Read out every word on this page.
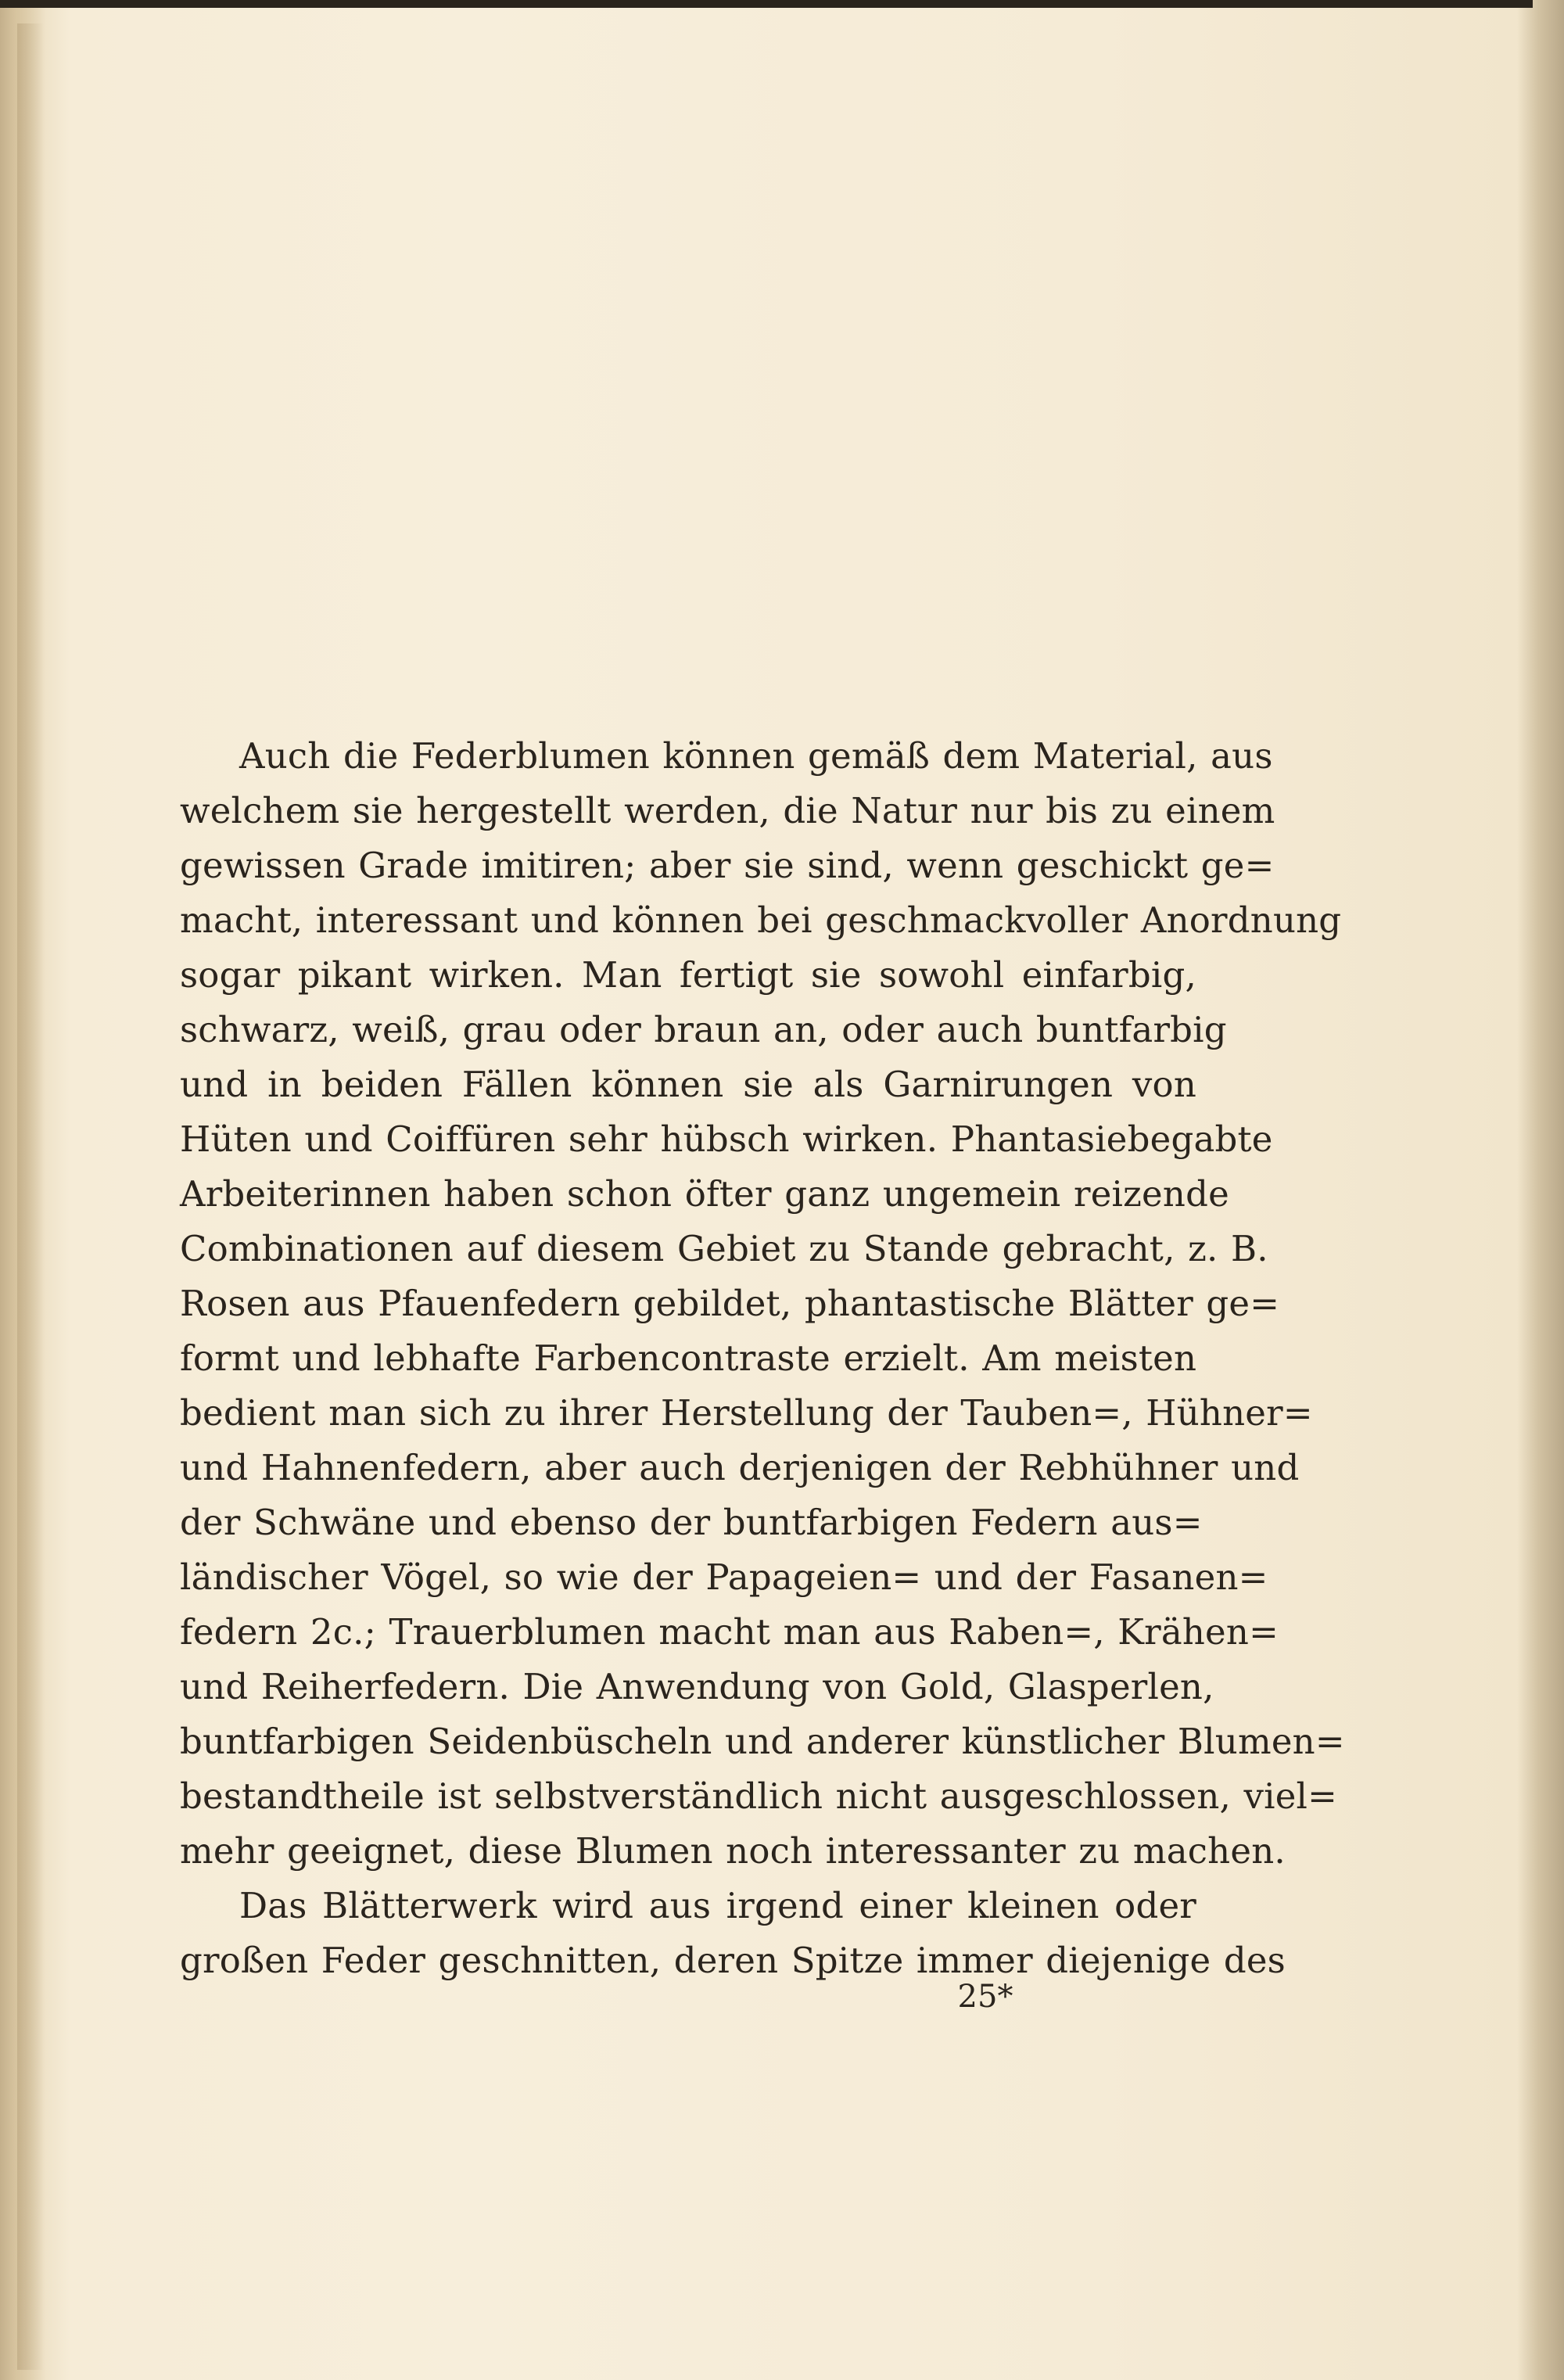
Auch die Federblumen können gemäß dem Material, aus
welchem sie hergestellt werden, die Natur nur bis zu einem
gewissen Grade imitiren; aber sie sind, wenn geschickt ge=
macht, interessant und können bei geschmackvoller Anordnung
sogar pikant wirken. Man fertigt sie sowohl einfarbig,
schwarz, weiß, grau oder braun an, oder auch buntfarbig
und in beiden Fällen können sie als Garnirungen von
Hüten und Coiffüren sehr hübsch wirken. Phantasiebegabte
Arbeiterinnen haben schon öfter ganz ungemein reizende
Combinationen auf diesem Gebiet zu Stande gebracht, z. B.
Rosen aus Pfauenfedern gebildet, phantastische Blätter ge=
formt und lebhafte Farbencontraste erzielt. Am meisten
bedient man sich zu ihrer Herstellung der Tauben=, Hühner=
und Hahnenfedern, aber auch derjenigen der Rebhühner und
der Schwäne und ebenso der buntfarbigen Federn aus=
ländischer Vögel, so wie der Papageien= und der Fasanen=
federn 2c.; Trauerblumen macht man aus Raben=, Krähen=
und Reiherfedern. Die Anwendung von Gold, Glasperlen,
buntfarbigen Seidenbüscheln und anderer künstlicher Blumen=
bestandtheile ist selbstverständlich nicht ausgeschlossen, viel=
mehr geeignet, diese Blumen noch interessanter zu machen.
Das Blätterwerk wird aus irgend einer kleinen oder
großen Feder geschnitten, deren Spitze immer diejenige des
25*
